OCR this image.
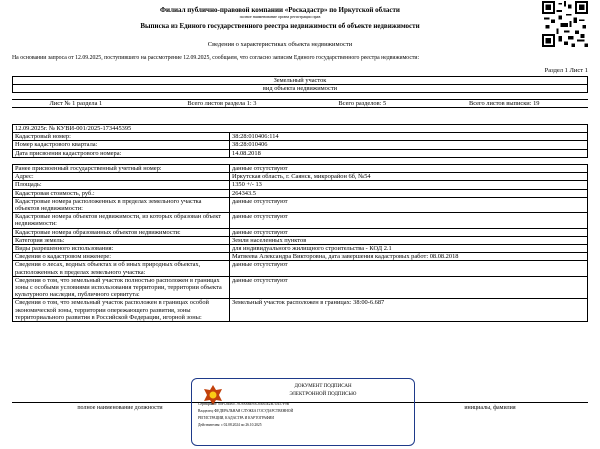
Филиал публично-правовой компании «Роскадастр» по Иркутской области
полное наименование органа регистрации прав
Выписка из Единого государственного реестра недвижимости об объекте недвижимости
Сведения о характеристиках объекта недвижимости
На основании запроса от 12.09.2025, поступившего на рассмотрение 12.09.2025, сообщаем, что согласно записям Единого государственного реестра недвижимости:
Раздел 1 Лист 1
Земельный участок
вид объекта недвижимости
Лист № 1 раздела 1	Всего листов раздела 1: 3	Всего разделов: 5	Всего листов выписки: 19
12.09.2025г. № КУВИ-001/2025-173445395	
Кадастровый номер:	38:28:010406:114
Номер кадастрового квартала:	38:28:010406
Дата присвоения кадастрового номера:	14.08.2018
Ранее присвоенный государственный учетный номер:	данные отсутствуют
Адрес:	Иркутская область, г. Саянск, микрорайон 6б, №54
Площадь:	1350 +/- 13
Кадастровая стоимость, руб.:	264343.5
Кадастровые номера расположенных в пределах земельного участка объектов недвижимости:	данные отсутствуют
Кадастровые номера объектов недвижимости, из которых образован объект недвижимости:	данные отсутствуют
Кадастровые номера образованных объектов недвижимости:	данные отсутствуют
Категория земель:	Земли населенных пунктов
Виды разрешенного использования:	для индивидуального жилищного строительства - КОД 2.1
Сведения о кадастровом инженере:	Матвеева Александра Викторовна, дата завершения кадастровых работ: 08.08.2018
Сведения о лесах, водных объектах и об иных природных объектах, расположенных в пределах земельного участка:	данные отсутствуют
Сведения о том, что земельный участок полностью расположен в границах зоны с особыми условиями использования территории, территории объекта культурного наследия, публичного сервитута:	данные отсутствуют
Сведения о том, что земельный участок расположен в границах особой экономической зоны, территории опережающего развития, зоны территориального развития в Российской Федерации, игорной зоны:	Земельный участок расположен в границах: 38:00-6.687
полное наименование должности	инициалы, фамилия
ДОКУМЕНТ ПОДПИСАН
ЭЛЕКТРОННОЙ ПОДПИСЬЮ
Сертификат: 00FC8EB9...9C9A8BE95C8AB5E2B74A57F9B
Владелец: ФЕДЕРАЛЬНАЯ СЛУЖБА ГОСУДАРСТВЕННОЙ
РЕГИСТРАЦИИ, КАДАСТРА И КАРТОГРАФИИ
Действителен: с 02.08.2024 по 26.10.2025
